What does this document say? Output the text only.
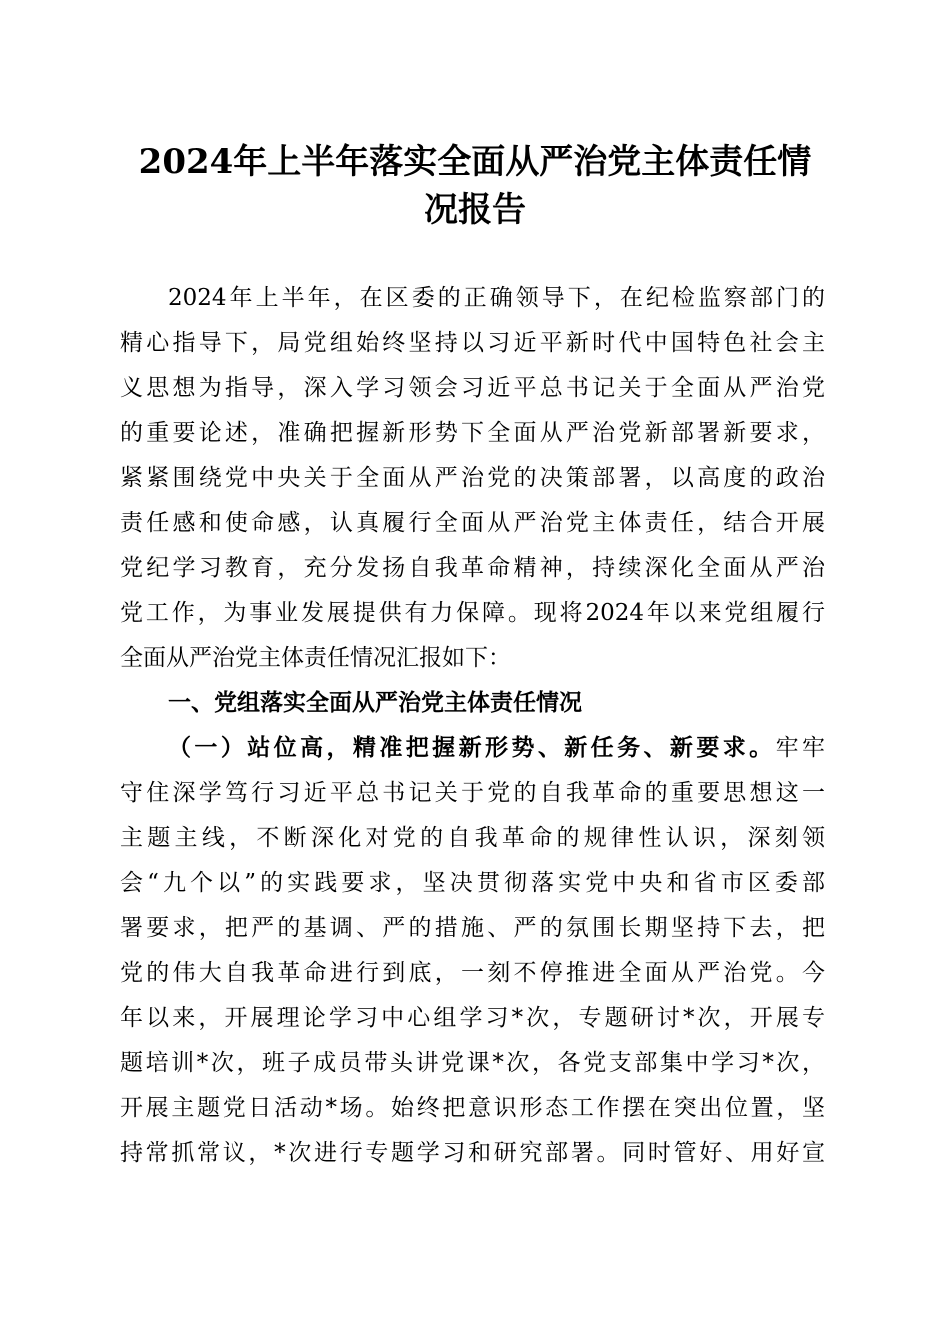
2024年上半年落实全面从严治党主体责任情
况报告
2024年上半年，在区委的正确领导下，在纪检监察部门的
精心指导下，局党组始终坚持以习近平新时代中国特色社会主
义思想为指导，深入学习领会习近平总书记关于全面从严治党
的重要论述，准确把握新形势下全面从严治党新部署新要求，
紧紧围绕党中央关于全面从严治党的决策部署，以高度的政治
责任感和使命感，认真履行全面从严治党主体责任，结合开展
党纪学习教育，充分发扬自我革命精神，持续深化全面从严治
党工作，为事业发展提供有力保障。现将2024年以来党组履行
全面从严治党主体责任情况汇报如下：
一、党组落实全面从严治党主体责任情况
（一）站位高，精准把握新形势、新任务、新要求。牢牢
守住深学笃行习近平总书记关于党的自我革命的重要思想这一
主题主线，不断深化对党的自我革命的规律性认识，深刻领
会“九个以”的实践要求，坚决贯彻落实党中央和省市区委部
署要求，把严的基调、严的措施、严的氛围长期坚持下去，把
党的伟大自我革命进行到底，一刻不停推进全面从严治党。今
年以来，开展理论学习中心组学习*次，专题研讨*次，开展专
题培训*次，班子成员带头讲党课*次，各党支部集中学习*次，
开展主题党日活动*场。始终把意识形态工作摆在突出位置，坚
持常抓常议，*次进行专题学习和研究部署。同时管好、用好宣
